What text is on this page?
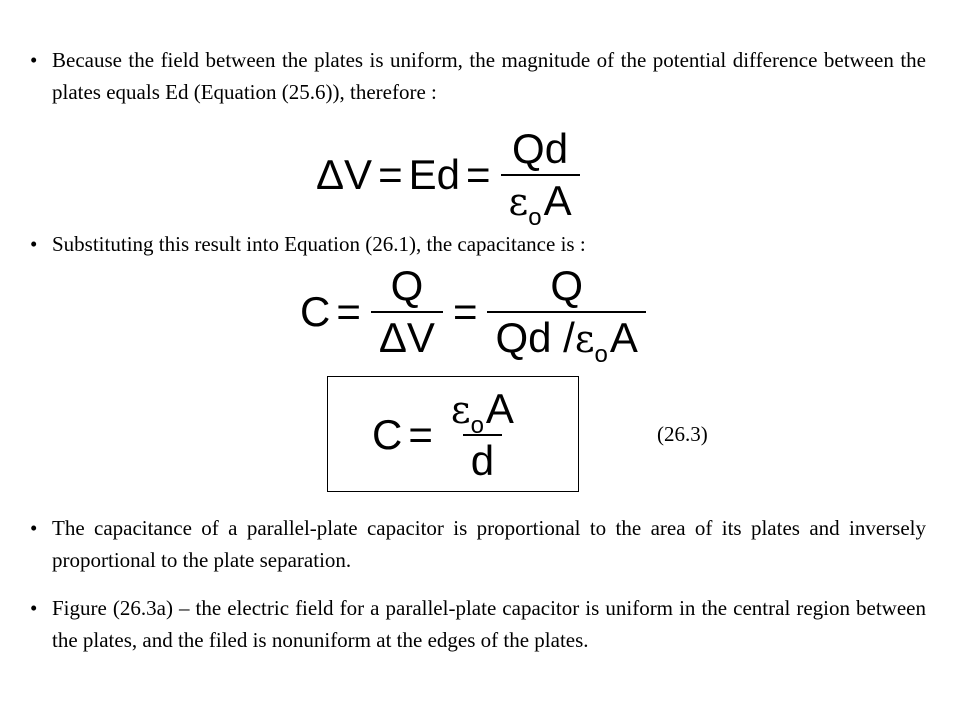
• Because the field between the plates is uniform, the magnitude of the potential difference between the plates equals Ed (Equation (25.6)), therefore :
$\Delta V = Ed = \frac{Qd}{\varepsilon_oA}$
• Substituting this result into Equation (26.1), the capacitance is :
$C = \frac{Q}{\Delta V} = \frac{Q}{Qd /\varepsilon_oA}$
$C = \frac{\varepsilon_oA}{d}$	(26.3)
• The capacitance of a parallel-plate capacitor is proportional to the area of its plates and inversely proportional to the plate separation.
• Figure (26.3a) – the electric field for a parallel-plate capacitor is uniform in the central region between the plates, and the filed is nonuniform at the edges of the plates.
